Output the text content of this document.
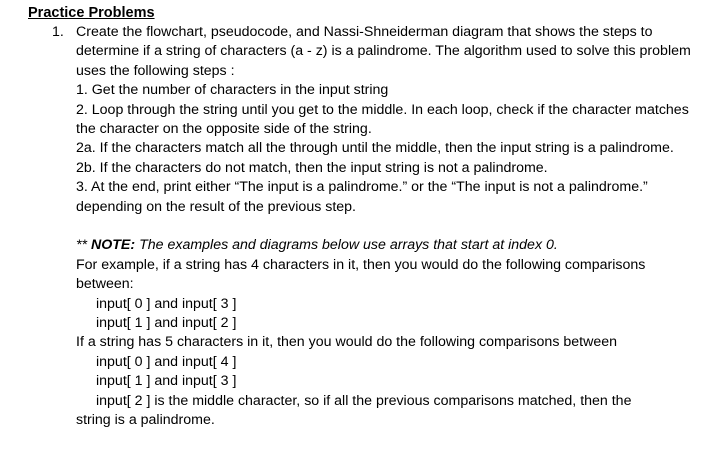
Practice Problems
1. Create the flowchart, pseudocode, and Nassi-Shneiderman diagram that shows the steps to determine if a string of characters (a - z) is a palindrome. The algorithm used to solve this problem uses the following steps :

1. Get the number of characters in the input string

2. Loop through the string until you get to the middle. In each loop, check if the character matches the character on the opposite side of the string.

2a. If the characters match all the through until the middle, then the input string is a palindrome.

2b. If the characters do not match, then the input string is not a palindrome.

3. At the end, print either “The input is a palindrome.” or the “The input is not a palindrome.” depending on the result of the previous step.

** NOTE: The examples and diagrams below use arrays that start at index 0.

For example, if a string has 4 characters in it, then you would do the following comparisons between:

input[ 0 ] and input[ 3 ]

input[ 1 ] and input[ 2 ]

If a string has 5 characters in it, then you would do the following comparisons between

input[ 0 ] and input[ 4 ]

input[ 1 ] and input[ 3 ]

input[ 2 ] is the middle character, so if all the previous comparisons matched, then the

string is a palindrome.
